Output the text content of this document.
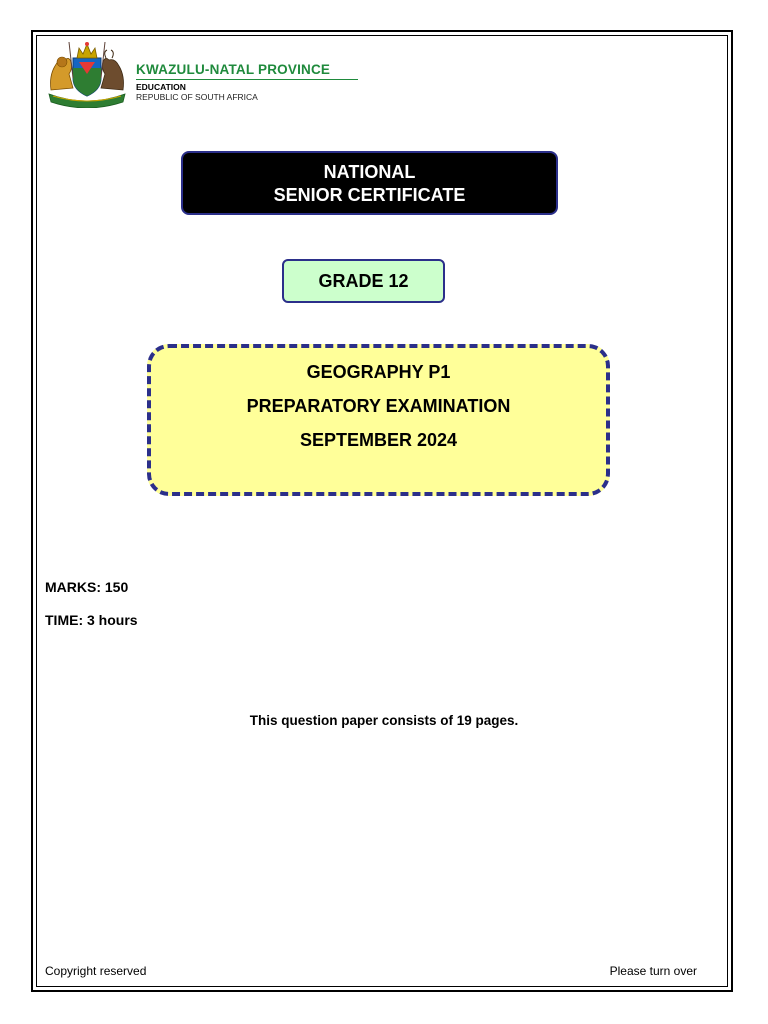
KWAZULU-NATAL PROVINCE
EDUCATION
REPUBLIC OF SOUTH AFRICA
NATIONAL
SENIOR CERTIFICATE
GRADE 12
GEOGRAPHY P1
PREPARATORY EXAMINATION
SEPTEMBER 2024
MARKS: 150
TIME: 3 hours
This question paper consists of 19 pages.
Copyright reserved	Please turn over
